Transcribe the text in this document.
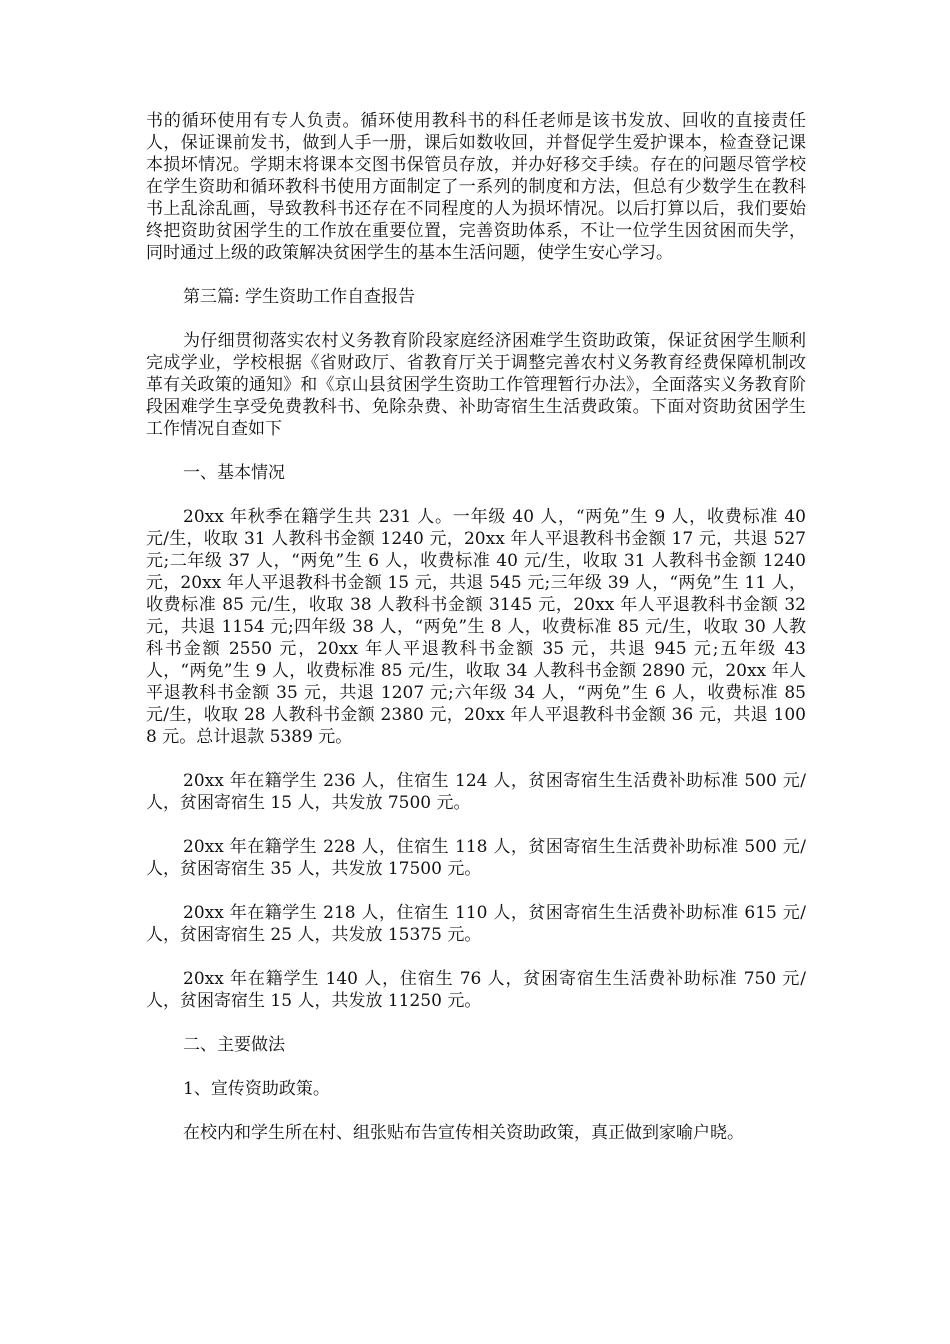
书的循环使用有专人负责。循环使用教科书的科任老师是该书发放、回收的直接责任人，保证课前发书，做到人手一册，课后如数收回，并督促学生爱护课本，检查登记课本损坏情况。学期末将课本交图书保管员存放，并办好移交手续。存在的问题尽管学校在学生资助和循环教科书使用方面制定了一系列的制度和方法，但总有少数学生在教科书上乱涂乱画，导致教科书还存在不同程度的人为损坏情况。以后打算以后，我们要始终把资助贫困学生的工作放在重要位置，完善资助体系，不让一位学生因贫困而失学，同时通过上级的政策解决贫困学生的基本生活问题，使学生安心学习。

第三篇: 学生资助工作自查报告

为仔细贯彻落实农村义务教育阶段家庭经济困难学生资助政策，保证贫困学生顺利完成学业，学校根据《省财政厅、省教育厅关于调整完善农村义务教育经费保障机制改革有关政策的通知》和《京山县贫困学生资助工作管理暂行办法》，全面落实义务教育阶段困难学生享受免费教科书、免除杂费、补助寄宿生生活费政策。下面对资助贫困学生工作情况自查如下

一、基本情况

20xx 年秋季在籍学生共 231 人。一年级 40 人，“两免”生 9 人，收费标准 40 元/生，收取 31 人教科书金额 1240 元，20xx 年人平退教科书金额 17 元，共退 527 元;二年级 37 人，“两免”生 6 人，收费标准 40 元/生，收取 31 人教科书金额 1240 元，20xx 年人平退教科书金额 15 元，共退 545 元;三年级 39 人，“两免”生 11 人，收费标准 85 元/生，收取 38 人教科书金额 3145 元，20xx 年人平退教科书金额 32 元，共退 1154 元;四年级 38 人，“两免”生 8 人，收费标准 85 元/生，收取 30 人教科书金额 2550 元，20xx 年人平退教科书金额 35 元，共退 945 元;五年级 43 人，“两免”生 9 人，收费标准 85 元/生，收取 34 人教科书金额 2890 元，20xx 年人平退教科书金额 35 元，共退 1207 元;六年级 34 人，“两免”生 6 人，收费标准 85 元/生，收取 28 人教科书金额 2380 元，20xx 年人平退教科书金额 36 元，共退 1008 元。总计退款 5389 元。

20xx 年在籍学生 236 人，住宿生 124 人，贫困寄宿生生活费补助标准 500 元/人，贫困寄宿生 15 人，共发放 7500 元。

20xx 年在籍学生 228 人，住宿生 118 人，贫困寄宿生生活费补助标准 500 元/人，贫困寄宿生 35 人，共发放 17500 元。

20xx 年在籍学生 218 人，住宿生 110 人，贫困寄宿生生活费补助标准 615 元/人，贫困寄宿生 25 人，共发放 15375 元。

20xx 年在籍学生 140 人，住宿生 76 人，贫困寄宿生生活费补助标准 750 元/人，贫困寄宿生 15 人，共发放 11250 元。

二、主要做法

1、宣传资助政策。

在校内和学生所在村、组张贴布告宣传相关资助政策，真正做到家喻户晓。
